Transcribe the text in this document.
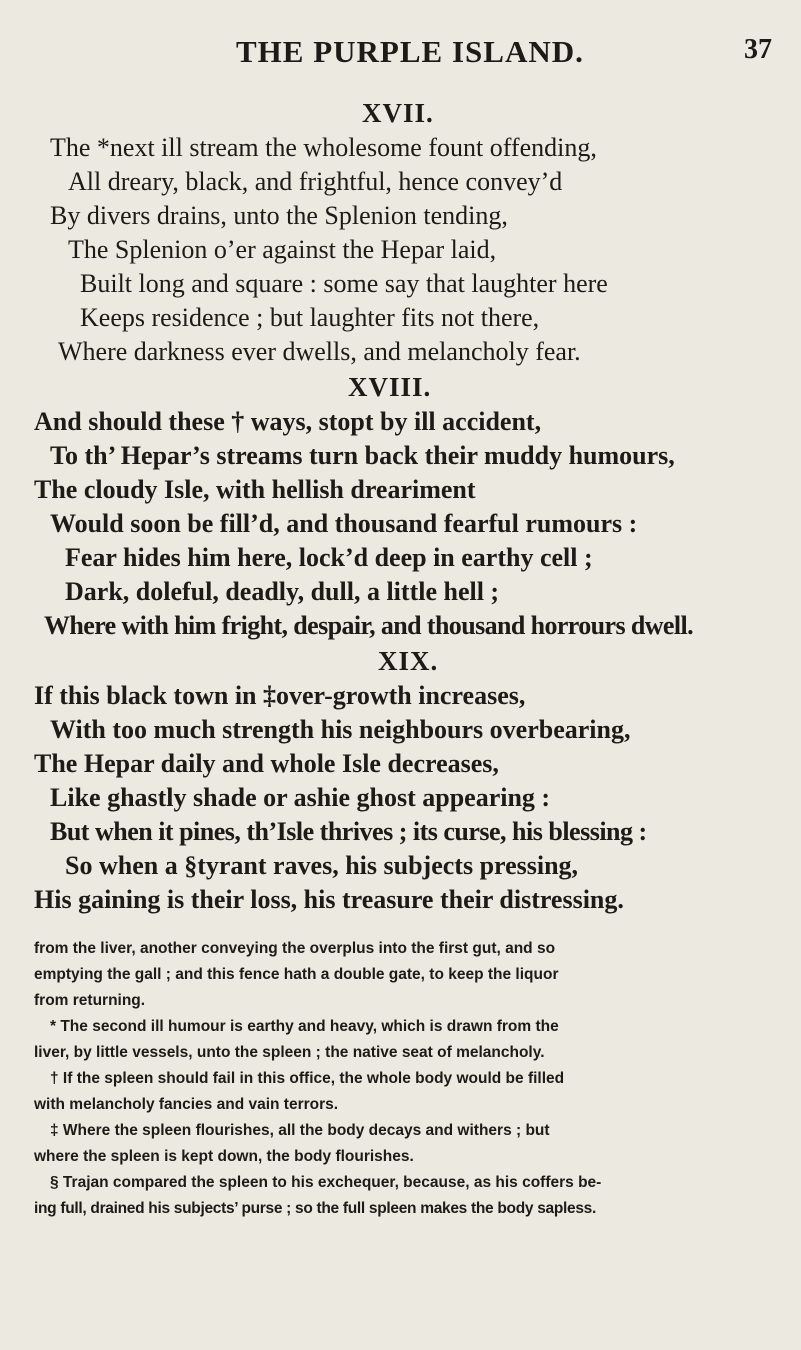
THE PURPLE ISLAND.	37
XVII.
The *next ill stream the wholesome fount offending,
All dreary, black, and frightful, hence convey’d
By divers drains, unto the Splenion tending,
The Splenion o’er against the Hepar laid,
Built long and square : some say that laughter here
Keeps residence ; but laughter fits not there,
Where darkness ever dwells, and melancholy fear.
XVIII.
And should these † ways, stopt by ill accident,
To th’ Hepar’s streams turn back their muddy humours,
The cloudy Isle, with hellish dreariment
Would soon be fill’d, and thousand fearful rumours :
Fear hides him here, lock’d deep in earthy cell ;
Dark, doleful, deadly, dull, a little hell ;
Where with him fright, despair, and thousand horrours dwell.
XIX.
If this black town in ‡over-growth increases,
With too much strength his neighbours overbearing,
The Hepar daily and whole Isle decreases,
Like ghastly shade or ashie ghost appearing :
But when it pines, th’Isle thrives ; its curse, his blessing :
So when a §tyrant raves, his subjects pressing,
His gaining is their loss, his treasure their distressing.
from the liver, another conveying the overplus into the first gut, and so
emptying the gall ; and this fence hath a double gate, to keep the liquor
from returning.
* The second ill humour is earthy and heavy, which is drawn from the
liver, by little vessels, unto the spleen ; the native seat of melancholy.
† If the spleen should fail in this office, the whole body would be filled
with melancholy fancies and vain terrors.
‡ Where the spleen flourishes, all the body decays and withers ; but
where the spleen is kept down, the body flourishes.
§ Trajan compared the spleen to his exchequer, because, as his coffers be-
ing full, drained his subjects’ purse ; so the full spleen makes the body sapless.
